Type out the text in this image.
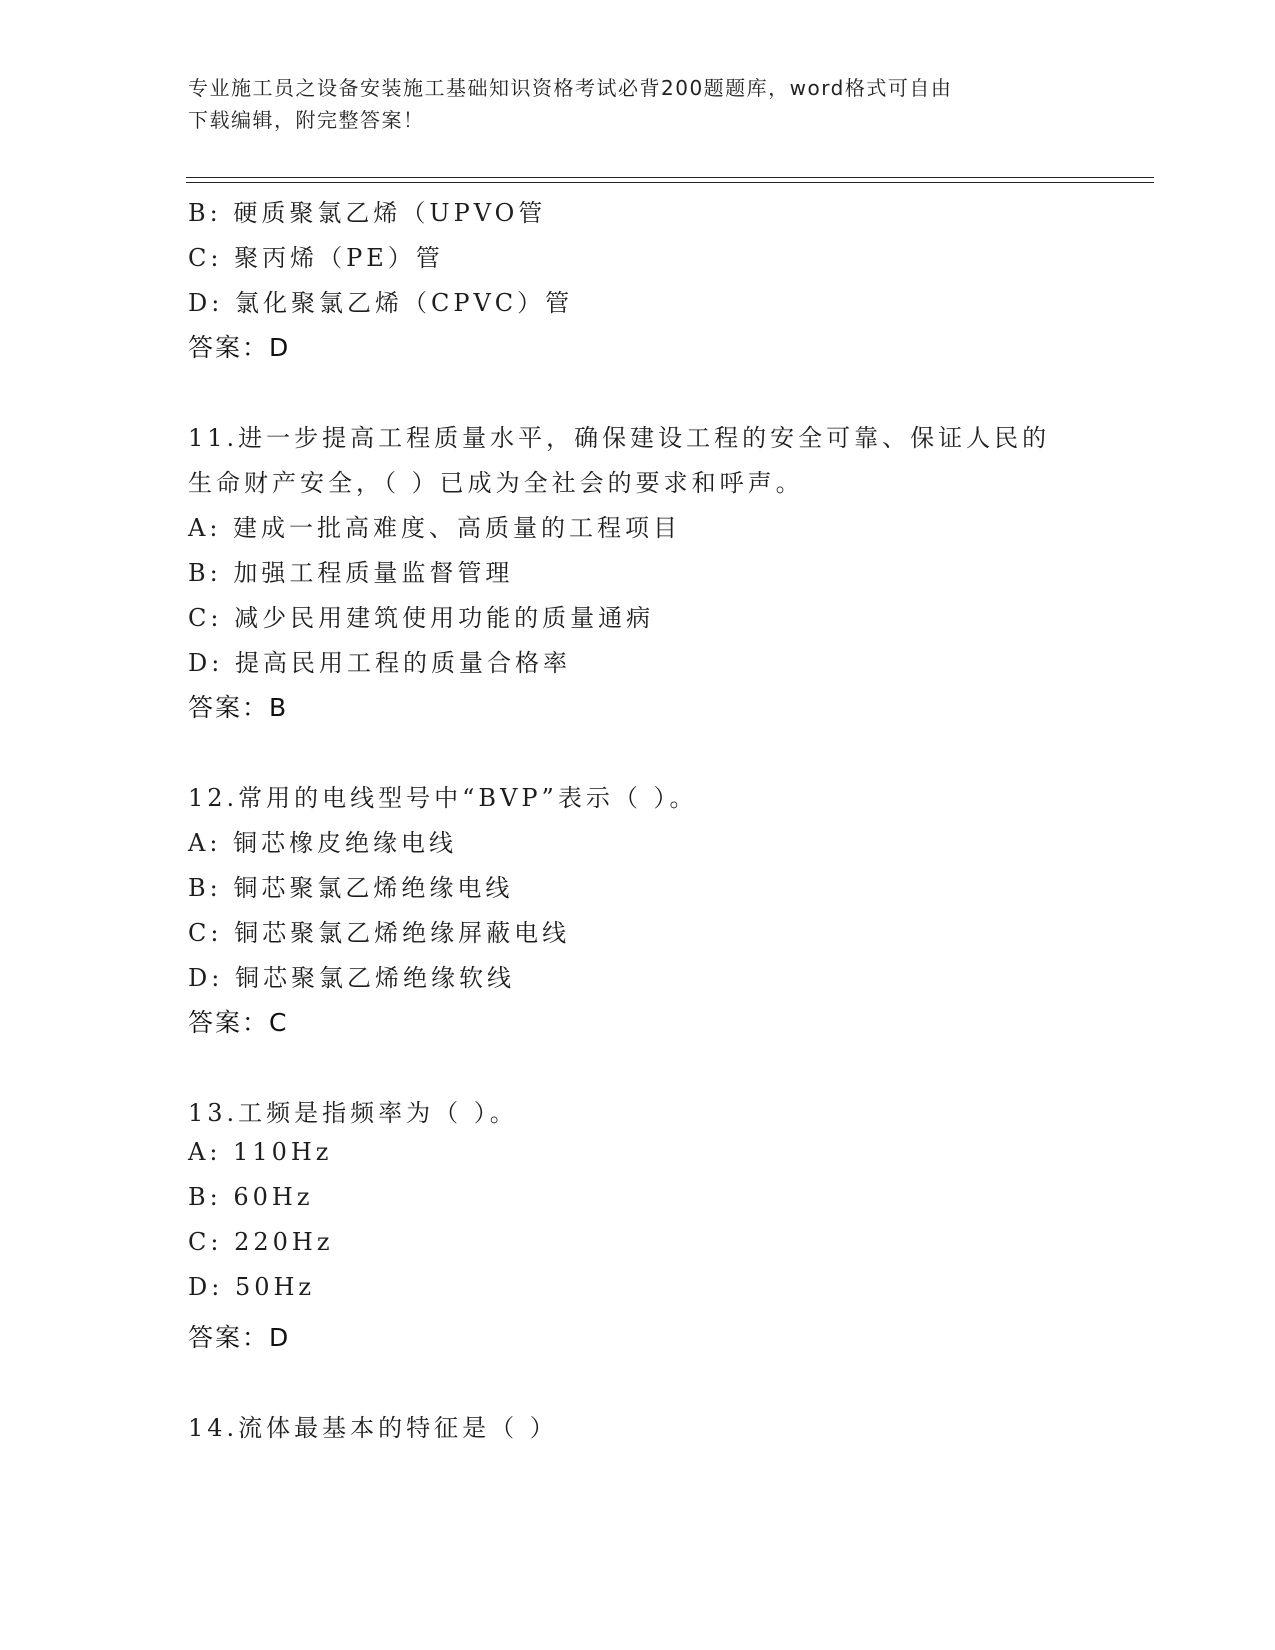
专业施工员之设备安装施工基础知识资格考试必背200题题库，word格式可自由
下载编辑，附完整答案！
B: 硬质聚氯乙烯（UPVO管
C: 聚丙烯（PE）管
D: 氯化聚氯乙烯（CPVC）管
答案：D
11.进一步提高工程质量水平，确保建设工程的安全可靠、保证人民的
生命财产安全，（ ）已成为全社会的要求和呼声。
A: 建成一批高难度、高质量的工程项目
B: 加强工程质量监督管理
C: 减少民用建筑使用功能的质量通病
D: 提高民用工程的质量合格率
答案：B
12.常用的电线型号中“BVP”表示（ ）。
A: 铜芯橡皮绝缘电线
B: 铜芯聚氯乙烯绝缘电线
C: 铜芯聚氯乙烯绝缘屏蔽电线
D: 铜芯聚氯乙烯绝缘软线
答案：C
13.工频是指频率为（ ）。
A: 110Hz
B: 60Hz
C: 220Hz
D: 50Hz
答案：D
14.流体最基本的特征是（ ）
